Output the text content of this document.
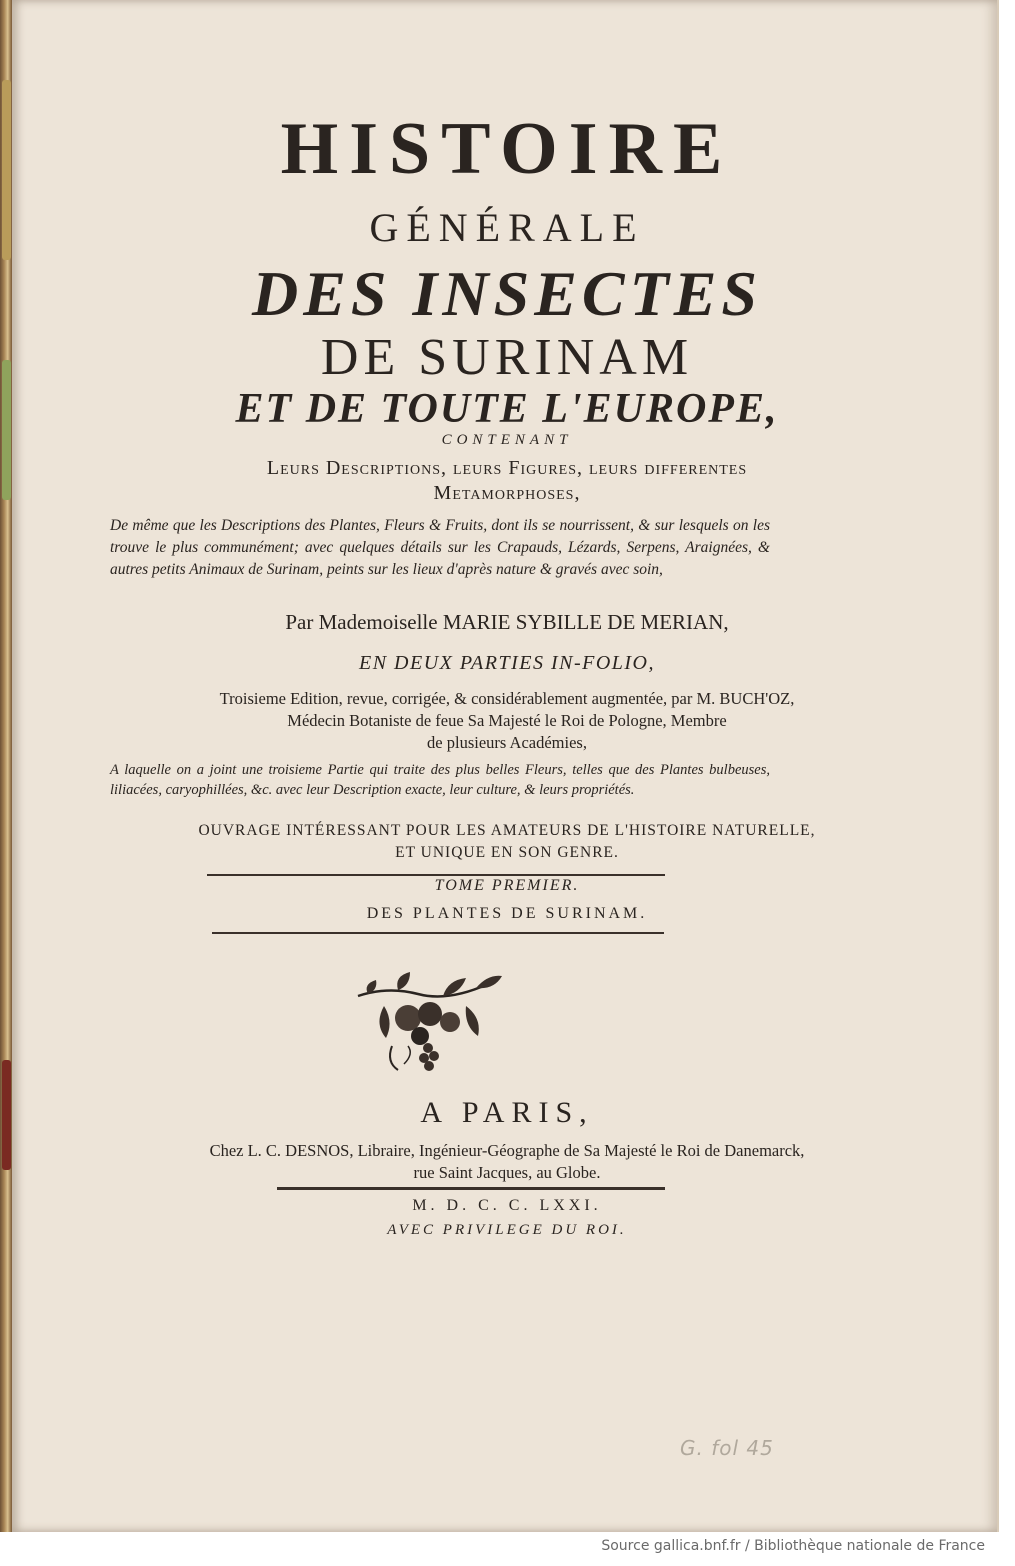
HISTOIRE
GÉNÉRALE
DES INSECTES
DE SURINAM
ET DE TOUTE L'EUROPE,
CONTENANT
Leurs Descriptions, leurs Figures, leurs differentes
Metamorphoses,
De même que les Descriptions des Plantes, Fleurs & Fruits, dont ils se nourrissent, & sur lesquels on les trouve le plus communément; avec quelques détails sur les Crapauds, Lézards, Serpens, Araignées, & autres petits Animaux de Surinam, peints sur les lieux d'après nature & gravés avec soin,
Par Mademoiselle MARIE SYBILLE DE MERIAN,
EN DEUX PARTIES IN-FOLIO,
Troisieme Edition, revue, corrigée, & considérablement augmentée, par M. BUCH'OZ,
Médecin Botaniste de feue Sa Majesté le Roi de Pologne, Membre
de plusieurs Académies,
A laquelle on a joint une troisieme Partie qui traite des plus belles Fleurs, telles que des Plantes bulbeuses, liliacées, caryophillées, &c. avec leur Description exacte, leur culture, & leurs propriétés.
OUVRAGE INTÉRESSANT POUR LES AMATEURS DE L'HISTOIRE NATURELLE,
ET UNIQUE EN SON GENRE.
TOME PREMIER.
DES PLANTES DE SURINAM.
A PARIS,
Chez L. C. DESNOS, Libraire, Ingénieur-Géographe de Sa Majesté le Roi de Danemarck,
rue Saint Jacques, au Globe.
M. D. C. C. LXXI.
AVEC PRIVILEGE DU ROI.
G. fol 45
Source gallica.bnf.fr / Bibliothèque nationale de France
